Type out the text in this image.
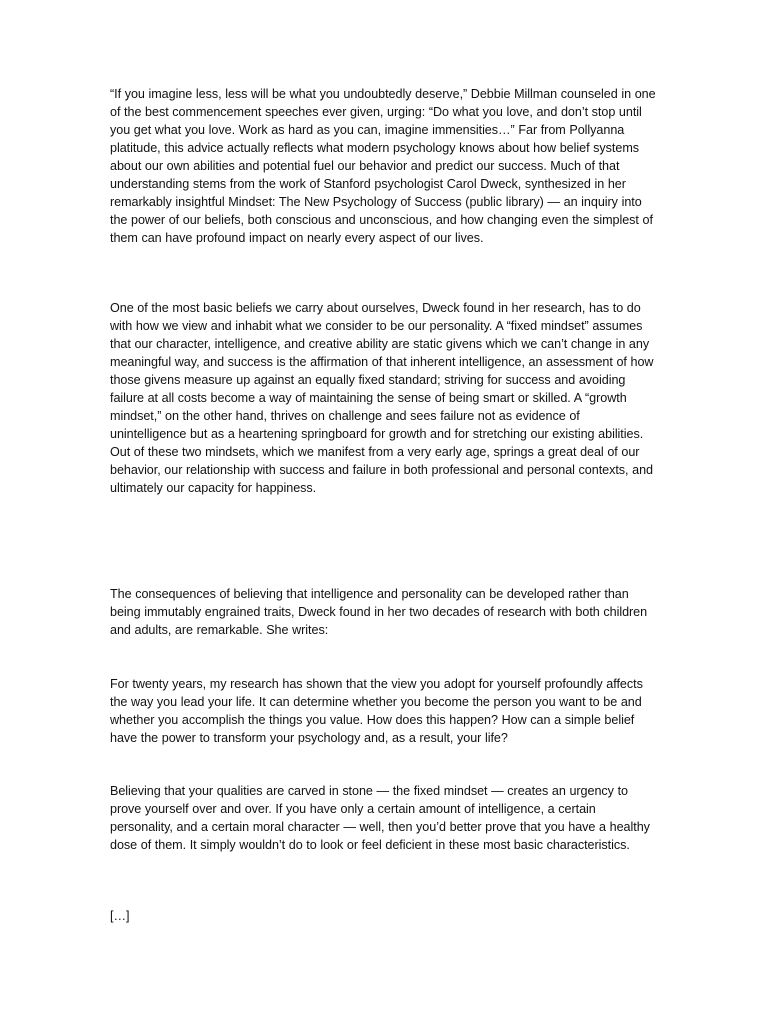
“If you imagine less, less will be what you undoubtedly deserve,” Debbie Millman counseled in one of the best commencement speeches ever given, urging: “Do what you love, and don’t stop until you get what you love. Work as hard as you can, imagine immensities…” Far from Pollyanna platitude, this advice actually reflects what modern psychology knows about how belief systems about our own abilities and potential fuel our behavior and predict our success. Much of that understanding stems from the work of Stanford psychologist Carol Dweck, synthesized in her remarkably insightful Mindset: The New Psychology of Success (public library) — an inquiry into the power of our beliefs, both conscious and unconscious, and how changing even the simplest of them can have profound impact on nearly every aspect of our lives.

One of the most basic beliefs we carry about ourselves, Dweck found in her research, has to do with how we view and inhabit what we consider to be our personality. A “fixed mindset” assumes that our character, intelligence, and creative ability are static givens which we can’t change in any meaningful way, and success is the affirmation of that inherent intelligence, an assessment of how those givens measure up against an equally fixed standard; striving for success and avoiding failure at all costs become a way of maintaining the sense of being smart or skilled. A “growth mindset,” on the other hand, thrives on challenge and sees failure not as evidence of unintelligence but as a heartening springboard for growth and for stretching our existing abilities. Out of these two mindsets, which we manifest from a very early age, springs a great deal of our behavior, our relationship with success and failure in both professional and personal contexts, and ultimately our capacity for happiness.

The consequences of believing that intelligence and personality can be developed rather than being immutably engrained traits, Dweck found in her two decades of research with both children and adults, are remarkable. She writes:

For twenty years, my research has shown that the view you adopt for yourself profoundly affects the way you lead your life. It can determine whether you become the person you want to be and whether you accomplish the things you value. How does this happen? How can a simple belief have the power to transform your psychology and, as a result, your life?

Believing that your qualities are carved in stone — the fixed mindset — creates an urgency to prove yourself over and over. If you have only a certain amount of intelligence, a certain personality, and a certain moral character — well, then you’d better prove that you have a healthy dose of them. It simply wouldn’t do to look or feel deficient in these most basic characteristics.

[…]
